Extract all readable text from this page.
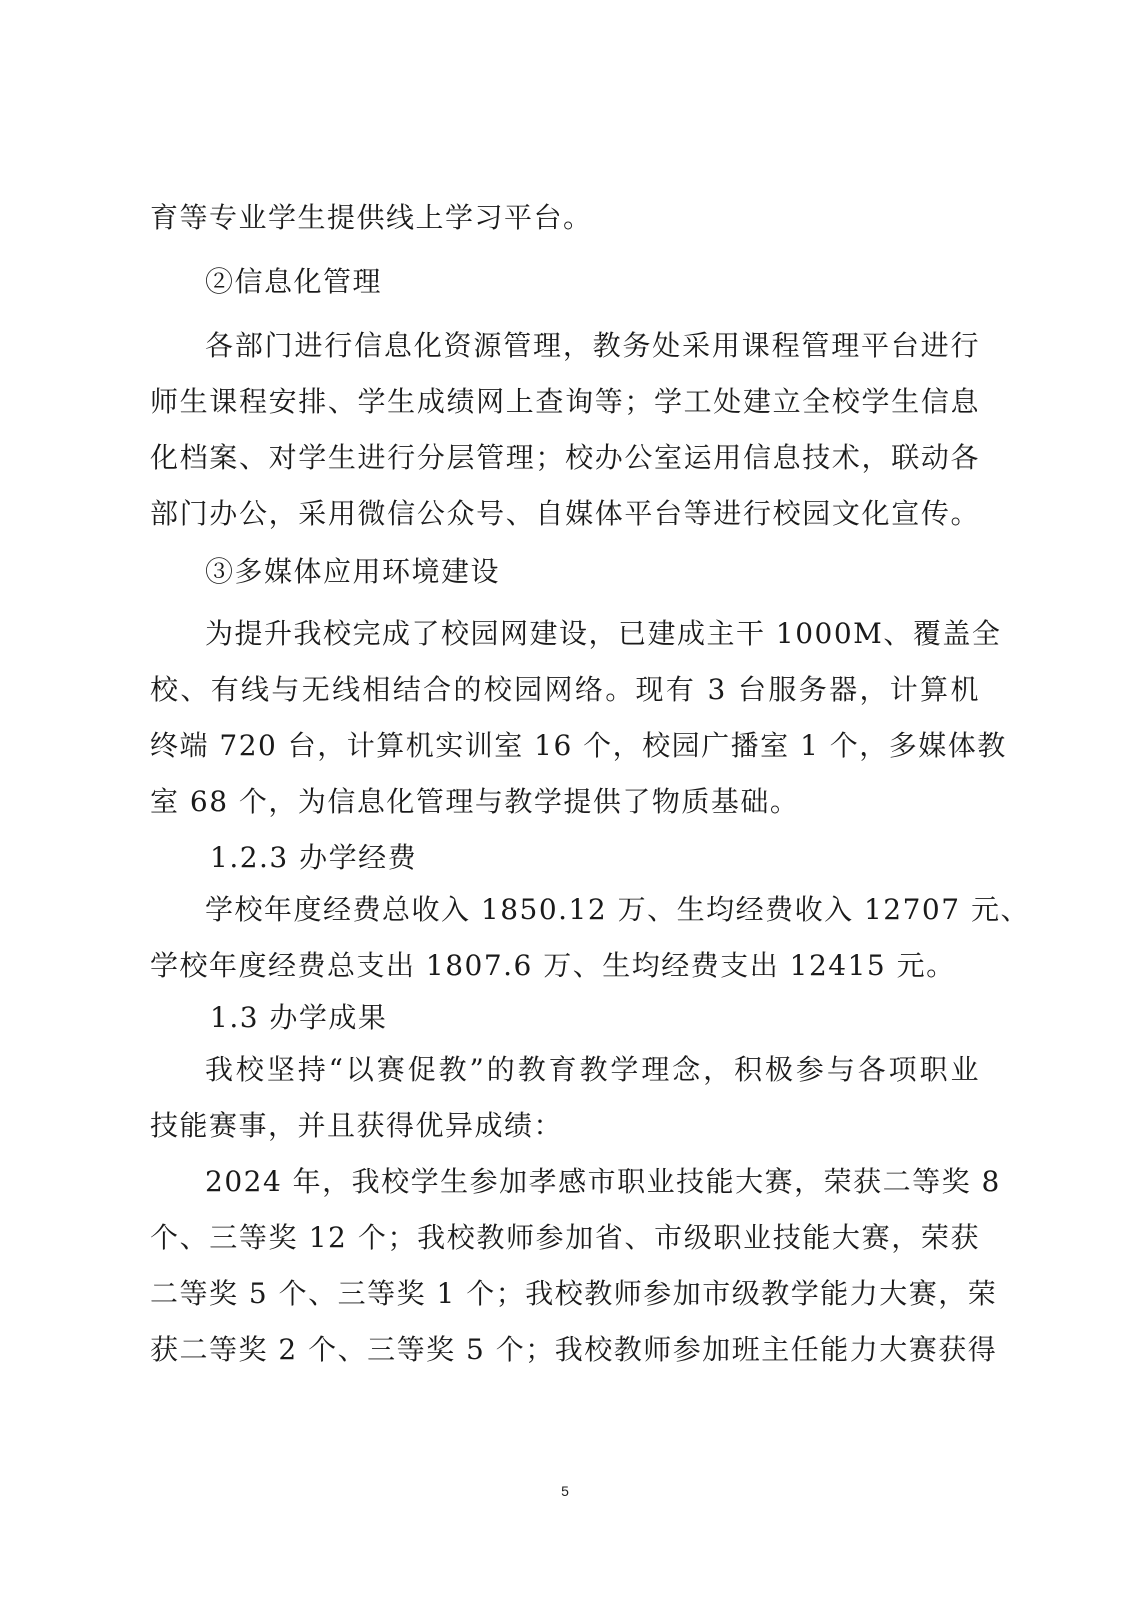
育等专业学生提供线上学习平台。
②信息化管理
各部门进行信息化资源管理，教务处采用课程管理平台进行
师生课程安排、学生成绩网上查询等；学工处建立全校学生信息
化档案、对学生进行分层管理；校办公室运用信息技术，联动各
部门办公，采用微信公众号、自媒体平台等进行校园文化宣传。
③多媒体应用环境建设
为提升我校完成了校园网建设，已建成主干 1000M、覆盖全
校、有线与无线相结合的校园网络。现有 3 台服务器，计算机
终端 720 台，计算机实训室 16 个，校园广播室 1 个，多媒体教
室 68 个，为信息化管理与教学提供了物质基础。
1.2.3 办学经费
学校年度经费总收入 1850.12 万、生均经费收入 12707 元、
学校年度经费总支出 1807.6 万、生均经费支出 12415 元。
1.3 办学成果
我校坚持“以赛促教”的教育教学理念，积极参与各项职业
技能赛事，并且获得优异成绩：
2024 年，我校学生参加孝感市职业技能大赛，荣获二等奖 8
个、三等奖 12 个；我校教师参加省、市级职业技能大赛，荣获
二等奖 5 个、三等奖 1 个；我校教师参加市级教学能力大赛，荣
获二等奖 2 个、三等奖 5 个；我校教师参加班主任能力大赛获得
5
